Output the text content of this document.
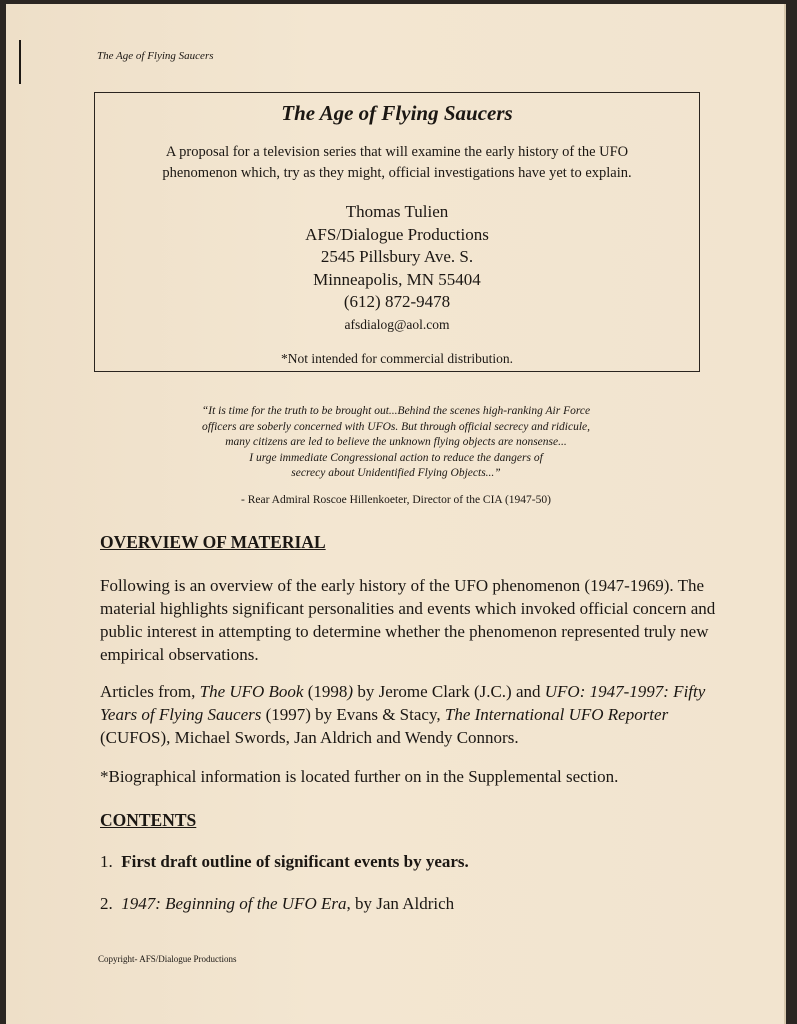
The Age of Flying Saucers
The Age of Flying Saucers
A proposal for a television series that will examine the early history of the UFO phenomenon which, try as they might, official investigations have yet to explain.
Thomas Tulien
AFS/Dialogue Productions
2545 Pillsbury Ave. S.
Minneapolis, MN 55404
(612) 872-9478
afsdialog@aol.com
*Not intended for commercial distribution.
“It is time for the truth to be brought out...Behind the scenes high-ranking Air Force
officers are soberly concerned with UFOs. But through official secrecy and ridicule,
many citizens are led to believe the unknown flying objects are nonsense...
I urge immediate Congressional action to reduce the dangers of
secrecy about Unidentified Flying Objects...”
- Rear Admiral Roscoe Hillenkoeter, Director of the CIA (1947-50)
OVERVIEW OF MATERIAL
Following is an overview of the early history of the UFO phenomenon (1947-1969). The material highlights significant personalities and events which invoked official concern and public interest in attempting to determine whether the phenomenon represented truly new empirical observations.
Articles from, The UFO Book (1998) by Jerome Clark (J.C.) and UFO: 1947-1997: Fifty Years of Flying Saucers (1997) by Evans & Stacy, The International UFO Reporter (CUFOS), Michael Swords, Jan Aldrich and Wendy Connors.
*Biographical information is located further on in the Supplemental section.
CONTENTS
1. First draft outline of significant events by years.
2. 1947: Beginning of the UFO Era, by Jan Aldrich
Copyright- AFS/Dialogue Productions
